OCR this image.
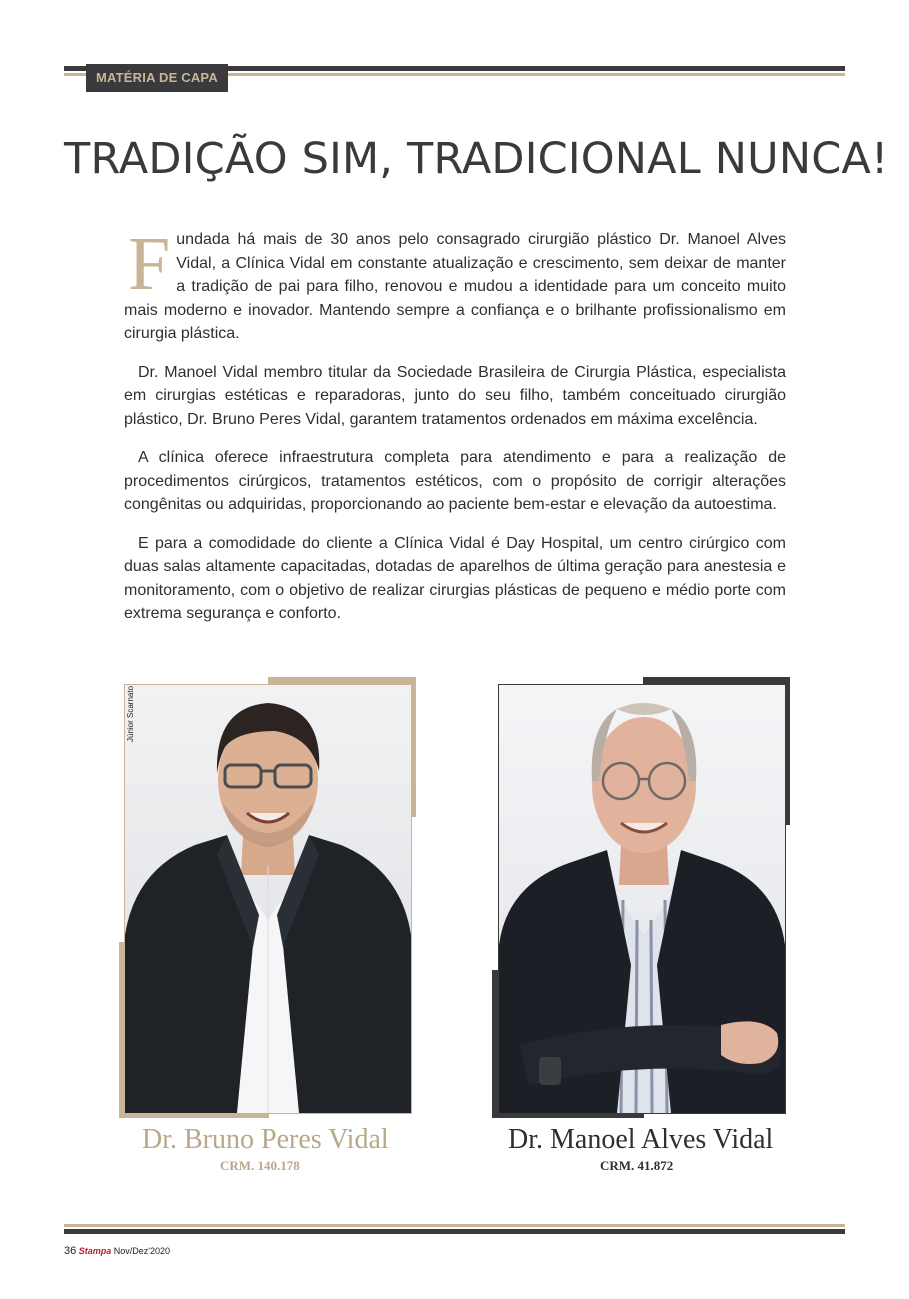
MATÉRIA DE CAPA
TRADIÇÃO SIM, TRADICIONAL NUNCA!

Fundada há mais de 30 anos pelo consagrado cirurgião plástico Dr. Manoel Alves Vidal, a Clínica Vidal em constante atualização e crescimento, sem deixar de manter a tradição de pai para filho, renovou e mudou a identidade para um conceito muito mais moderno e inovador. Mantendo sempre a confiança e o brilhante profissionalismo em cirurgia plástica.

Dr. Manoel Vidal membro titular da Sociedade Brasileira de Cirurgia Plástica, especialista em cirurgias estéticas e reparadoras, junto do seu filho, também conceituado cirurgião plástico, Dr. Bruno Peres Vidal, garantem tratamentos ordenados em máxima excelência.

A clínica oferece infraestrutura completa para atendimento e para a realização de procedimentos cirúrgicos, tratamentos estéticos, com o propósito de corrigir alterações congênitas ou adquiridas, proporcionando ao paciente bem-estar e elevação da autoestima.

E para a comodidade do cliente a Clínica Vidal é Day Hospital, um centro cirúrgico com duas salas altamente capacitadas, dotadas de aparelhos de última geração para anestesia e monitoramento, com o objetivo de realizar cirurgias plásticas de pequeno e médio porte com extrema segurança e conforto.

Júnior Scarnato
Dr. Bruno Peres Vidal
CRM. 140.178
Dr. Manoel Alves Vidal
CRM. 41.872
36 Stampa Nov/Dez'2020
